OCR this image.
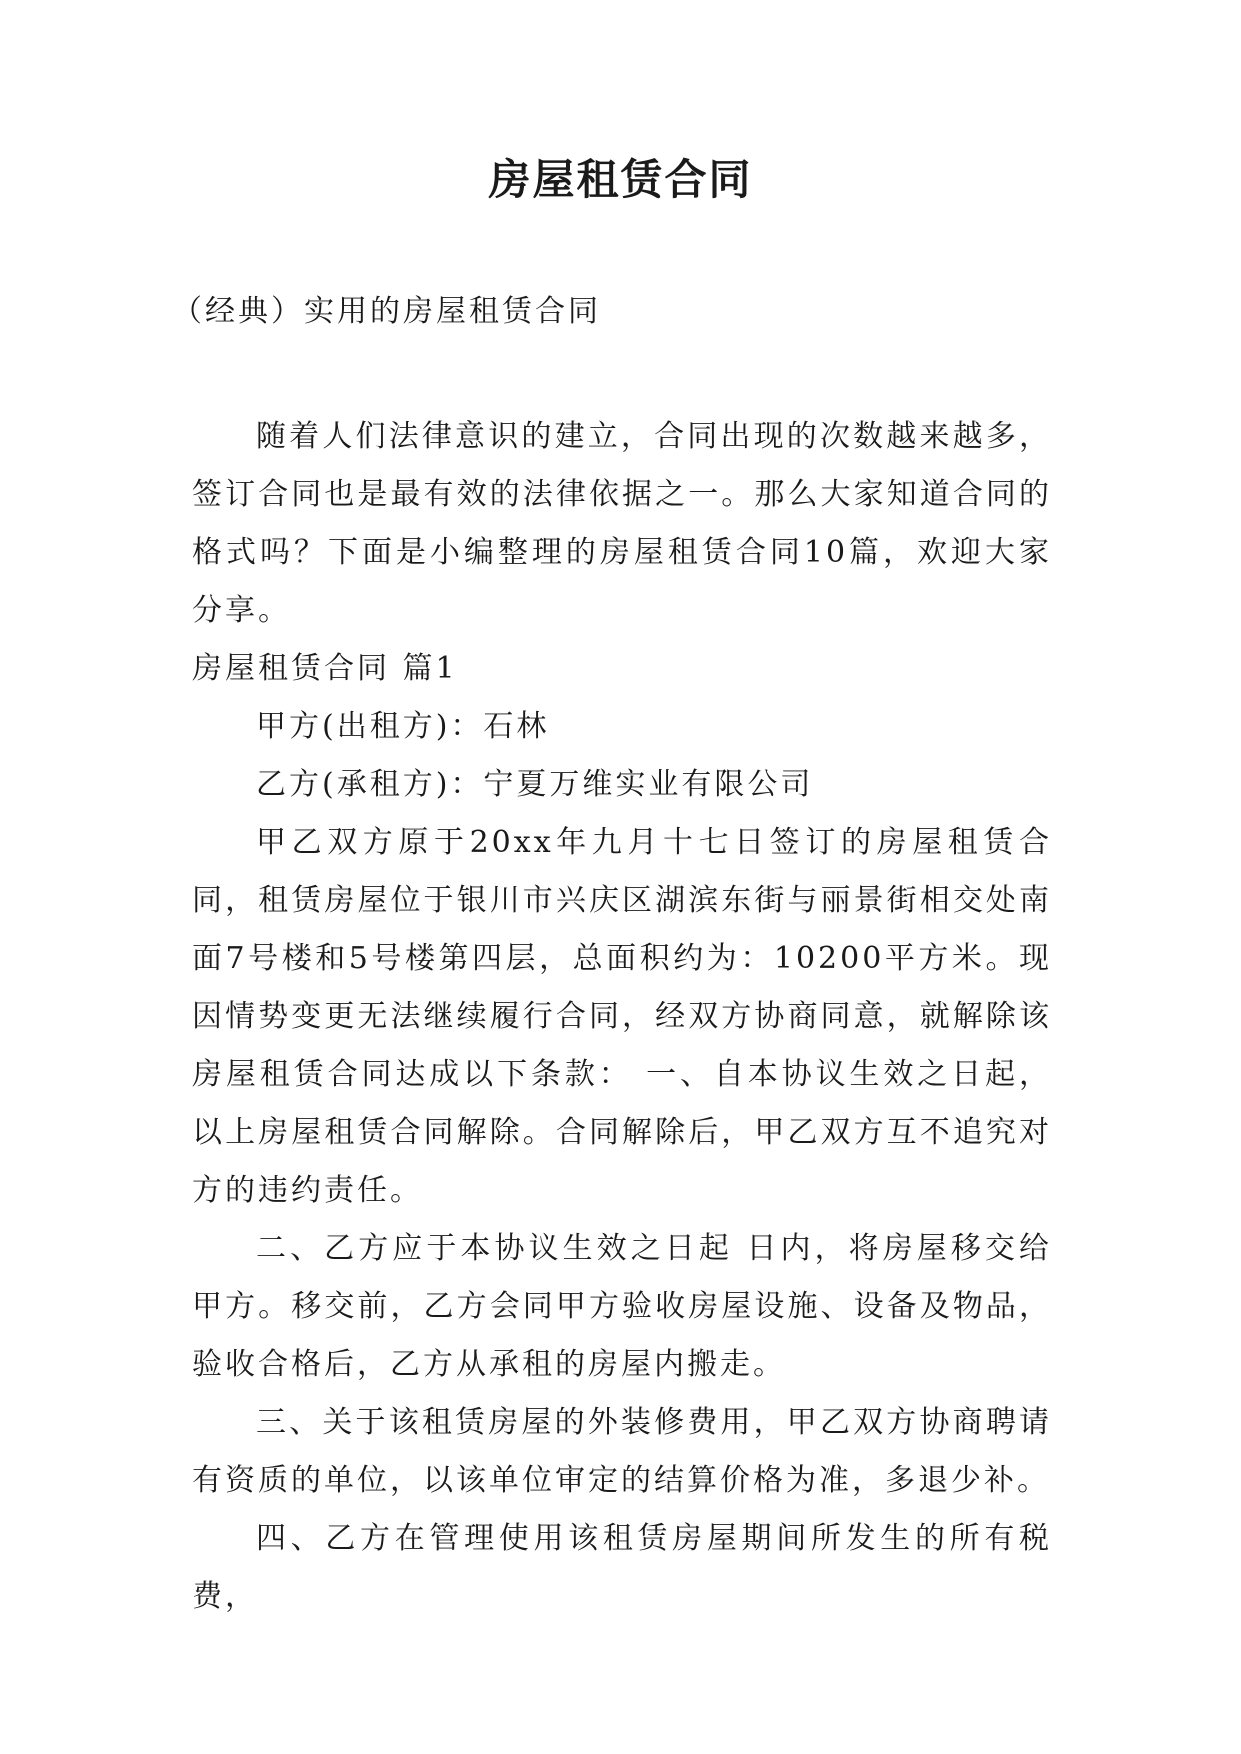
房屋租赁合同

（经典）实用的房屋租赁合同

随着人们法律意识的建立，合同出现的次数越来越多，签订合同也是最有效的法律依据之一。那么大家知道合同的格式吗？下面是小编整理的房屋租赁合同10篇，欢迎大家分享。

房屋租赁合同 篇1

甲方(出租方)：石林

乙方(承租方)：宁夏万维实业有限公司

甲乙双方原于20xx年九月十七日签订的房屋租赁合同，租赁房屋位于银川市兴庆区湖滨东街与丽景街相交处南面7号楼和5号楼第四层，总面积约为：10200平方米。现因情势变更无法继续履行合同，经双方协商同意，就解除该房屋租赁合同达成以下条款： 一、自本协议生效之日起，以上房屋租赁合同解除。合同解除后，甲乙双方互不追究对方的违约责任。

二、乙方应于本协议生效之日起 日内，将房屋移交给甲方。移交前，乙方会同甲方验收房屋设施、设备及物品，验收合格后，乙方从承租的房屋内搬走。

三、关于该租赁房屋的外装修费用，甲乙双方协商聘请有资质的单位，以该单位审定的结算价格为准，多退少补。

四、乙方在管理使用该租赁房屋期间所发生的所有税费，
